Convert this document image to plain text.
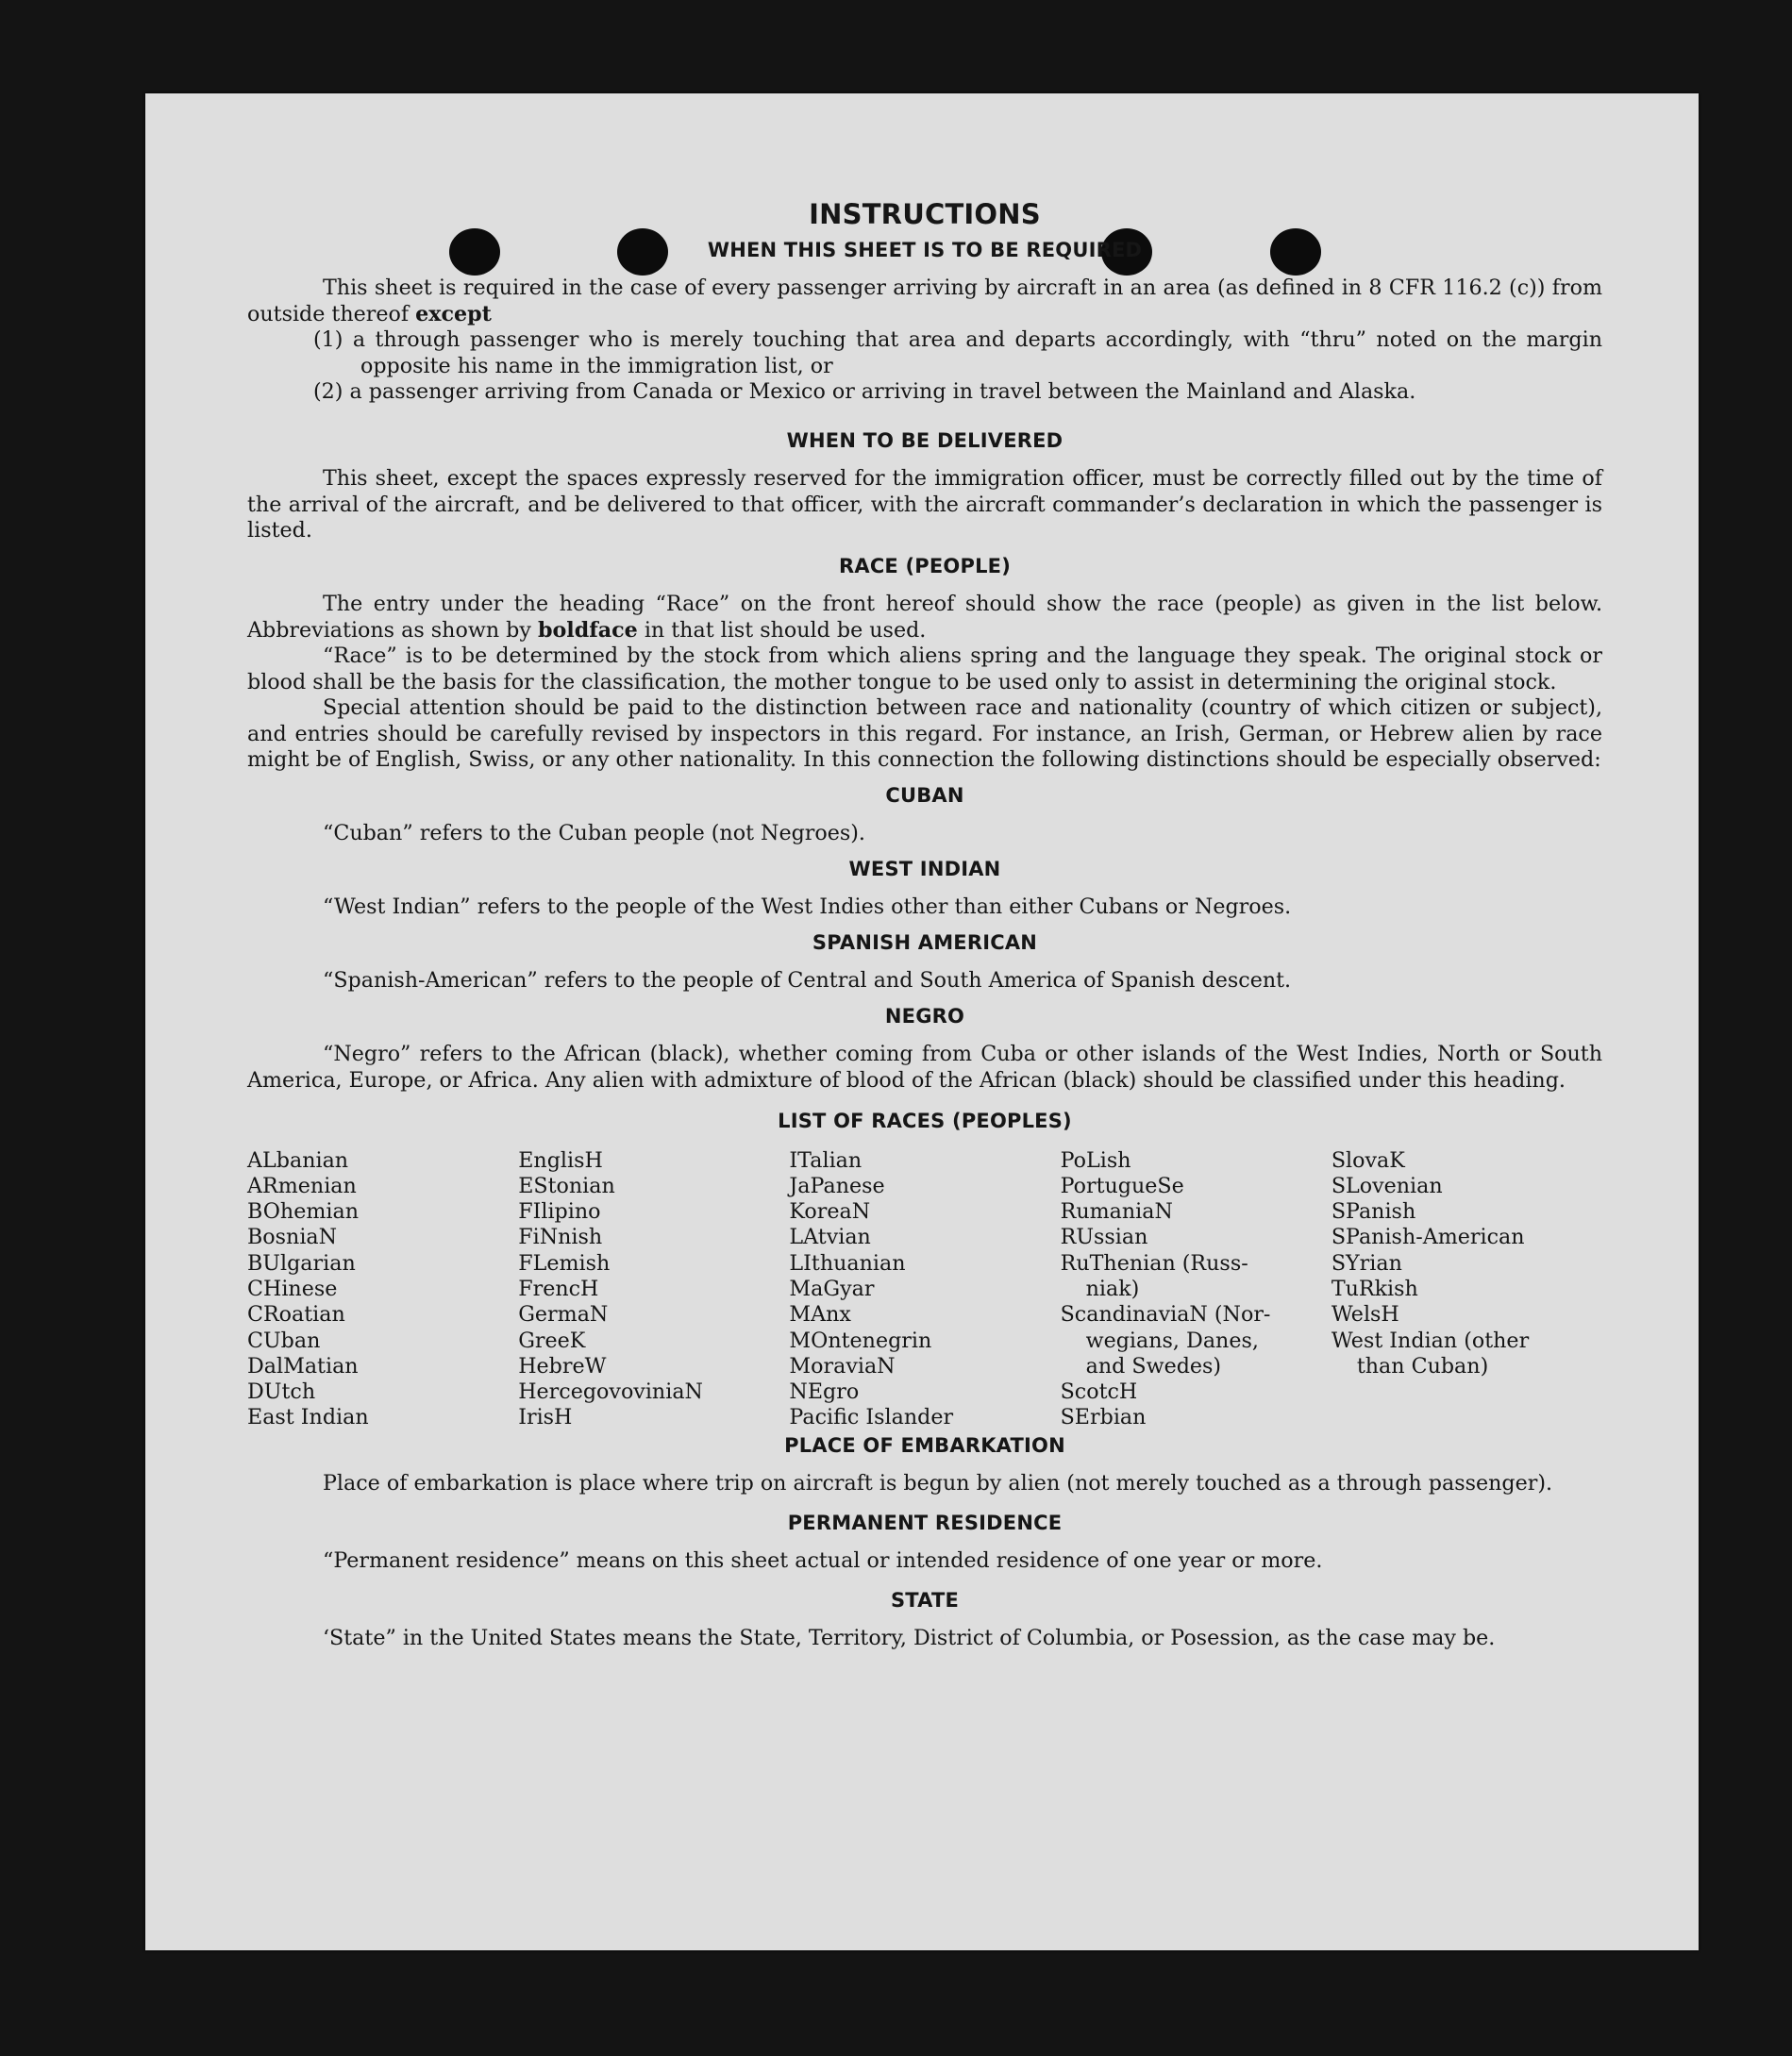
INSTRUCTIONS
WHEN THIS SHEET IS TO BE REQUIRED

This sheet is required in the case of every passenger arriving by aircraft in an area (as defined in 8 CFR 116.2 (c)) from outside thereof except

(1) a through passenger who is merely touching that area and departs accordingly, with “thru” noted on the margin opposite his name in the immigration list, or

(2) a passenger arriving from Canada or Mexico or arriving in travel between the Mainland and Alaska.

WHEN TO BE DELIVERED

This sheet, except the spaces expressly reserved for the immigration officer, must be correctly filled out by the time of the arrival of the aircraft, and be delivered to that officer, with the aircraft commander’s declaration in which the passenger is listed.

RACE (PEOPLE)

The entry under the heading “Race” on the front hereof should show the race (people) as given in the list below. Abbreviations as shown by boldface in that list should be used.

“Race” is to be determined by the stock from which aliens spring and the language they speak. The original stock or blood shall be the basis for the classification, the mother tongue to be used only to assist in determining the original stock.

Special attention should be paid to the distinction between race and nationality (country of which citizen or subject), and entries should be carefully revised by inspectors in this regard. For instance, an Irish, German, or Hebrew alien by race might be of English, Swiss, or any other nationality. In this connection the following distinctions should be especially observed:

CUBAN

“Cuban” refers to the Cuban people (not Negroes).

WEST INDIAN

“West Indian” refers to the people of the West Indies other than either Cubans or Negroes.

SPANISH AMERICAN

“Spanish-American” refers to the people of Central and South America of Spanish descent.

NEGRO

“Negro” refers to the African (black), whether coming from Cuba or other islands of the West Indies, North or South America, Europe, or Africa. Any alien with admixture of blood of the African (black) should be classified under this heading.

LIST OF RACES (PEOPLES)
ALbanian
ARmenian
BOhemian
BosniaN
BUlgarian
CHinese
CRoatian
CUban
DalMatian
DUtch
East Indian
EnglisH
EStonian
FIlipino
FiNnish
FLemish
FrencH
GermaN
GreeK
HebreW
HercegovoviniaN
IrisH
ITalian
JaPanese
KoreaN
LAtvian
LIthuanian
MaGyar
MAnx
MOntenegrin
MoraviaN
NEgro
Pacific Islander
PoLish
PortugueSe
RumaniaN
RUssian
RuThenian (Russ-
niak)
ScandinaviaN (Nor-
wegians, Danes,
and Swedes)
ScotcH
SErbian
SlovaK
SLovenian
SPanish
SPanish-American
SYrian
TuRkish
WelsH
West Indian (other
than Cuban)
PLACE OF EMBARKATION

Place of embarkation is place where trip on aircraft is begun by alien (not merely touched as a through passenger).

PERMANENT RESIDENCE

“Permanent residence” means on this sheet actual or intended residence of one year or more.

STATE

‘State” in the United States means the State, Territory, District of Columbia, or Posession, as the case may be.
